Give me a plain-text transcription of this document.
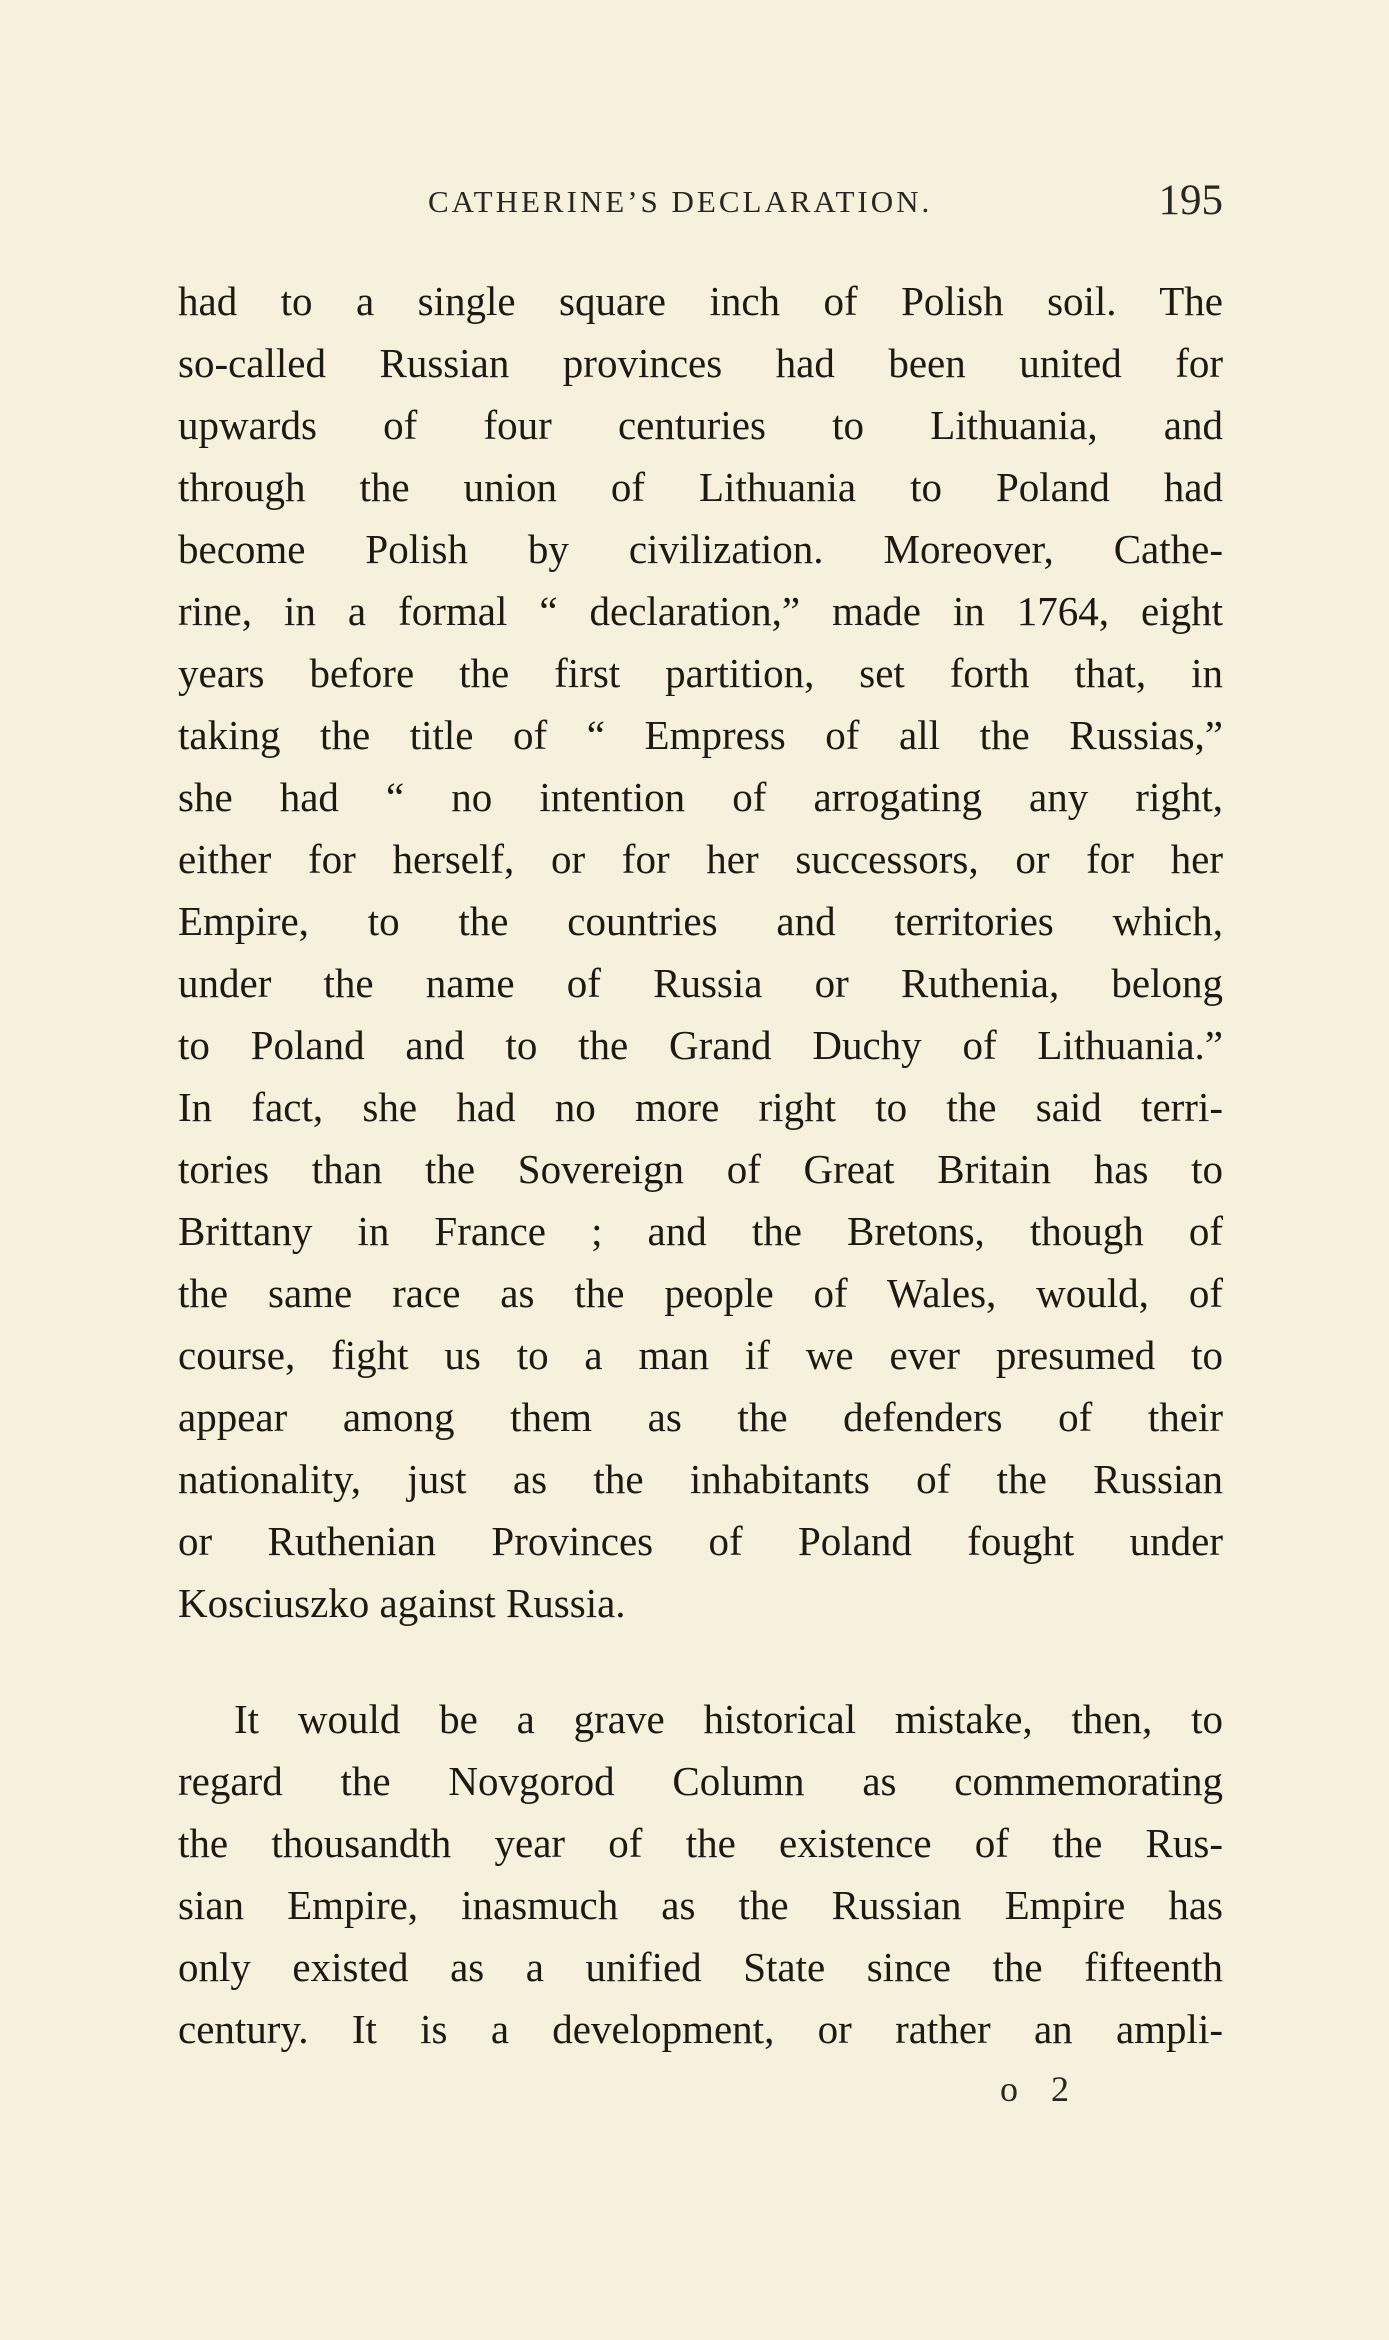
CATHERINE’S DECLARATION.	195
had to a single square inch of Polish soil. The
so-called Russian provinces had been united for
upwards of four centuries to Lithuania, and
through the union of Lithuania to Poland had
become Polish by civilization. Moreover, Cathe-
rine, in a formal “ declaration,” made in 1764, eight
years before the first partition, set forth that, in
taking the title of “ Empress of all the Russias,”
she had “ no intention of arrogating any right,
either for herself, or for her successors, or for her
Empire, to the countries and territories which,
under the name of Russia or Ruthenia, belong
to Poland and to the Grand Duchy of Lithuania.”
In fact, she had no more right to the said terri-
tories than the Sovereign of Great Britain has to
Brittany in France ; and the Bretons, though of
the same race as the people of Wales, would, of
course, fight us to a man if we ever presumed to
appear among them as the defenders of their
nationality, just as the inhabitants of the Russian
or Ruthenian Provinces of Poland fought under
Kosciuszko against Russia.
It would be a grave historical mistake, then, to
regard the Novgorod Column as commemorating
the thousandth year of the existence of the Rus-
sian Empire, inasmuch as the Russian Empire has
only existed as a unified State since the fifteenth
century. It is a development, or rather an ampli-
o 2
